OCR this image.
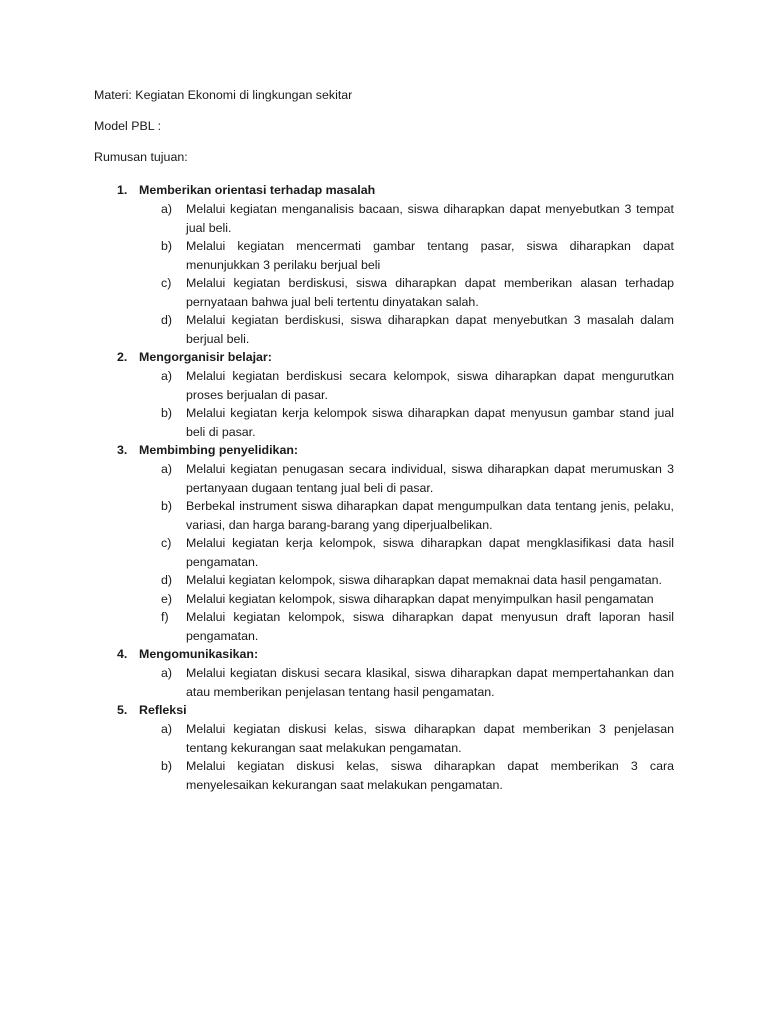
Materi: Kegiatan Ekonomi di lingkungan sekitar
Model PBL :
Rumusan tujuan:
1. Memberikan orientasi terhadap masalah
a) Melalui kegiatan menganalisis bacaan, siswa diharapkan dapat menyebutkan 3 tempat jual beli.
b) Melalui kegiatan mencermati gambar tentang pasar, siswa diharapkan dapat menunjukkan 3 perilaku berjual beli
c) Melalui kegiatan berdiskusi, siswa diharapkan dapat memberikan alasan terhadap pernyataan bahwa jual beli tertentu dinyatakan salah.
d) Melalui kegiatan berdiskusi, siswa diharapkan dapat menyebutkan 3 masalah dalam berjual beli.
2. Mengorganisir belajar:
a) Melalui kegiatan berdiskusi secara kelompok, siswa diharapkan dapat mengurutkan proses berjualan di pasar.
b) Melalui kegiatan kerja kelompok siswa diharapkan dapat menyusun gambar stand jual beli di pasar.
3. Membimbing penyelidikan:
a) Melalui kegiatan penugasan secara individual, siswa diharapkan dapat merumuskan 3 pertanyaan dugaan tentang jual beli di pasar.
b) Berbekal instrument siswa diharapkan dapat mengumpulkan data tentang jenis, pelaku, variasi, dan harga barang-barang yang diperjualbelikan.
c) Melalui kegiatan kerja kelompok, siswa diharapkan dapat mengklasifikasi data hasil pengamatan.
d) Melalui kegiatan kelompok, siswa diharapkan dapat memaknai data hasil pengamatan.
e) Melalui kegiatan kelompok, siswa diharapkan dapat menyimpulkan hasil pengamatan
f) Melalui kegiatan kelompok, siswa diharapkan dapat menyusun draft laporan hasil pengamatan.
4. Mengomunikasikan:
a) Melalui kegiatan diskusi secara klasikal, siswa diharapkan dapat mempertahankan dan atau memberikan penjelasan tentang hasil pengamatan.
5. Refleksi
a) Melalui kegiatan diskusi kelas, siswa diharapkan dapat memberikan 3 penjelasan tentang kekurangan saat melakukan pengamatan.
b) Melalui kegiatan diskusi kelas, siswa diharapkan dapat memberikan 3 cara menyelesaikan kekurangan saat melakukan pengamatan.
